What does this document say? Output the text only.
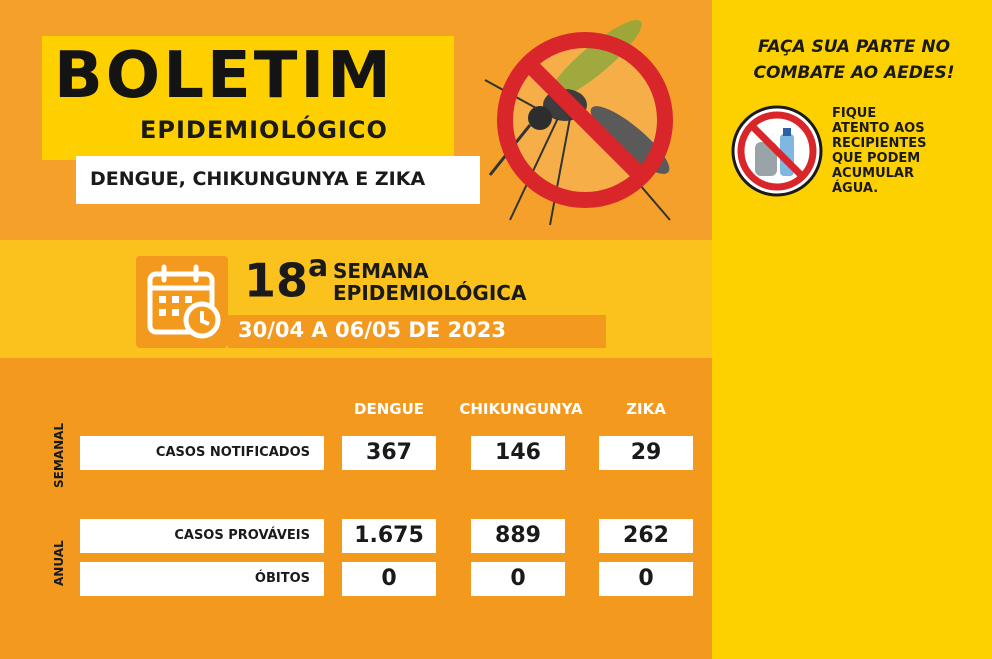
BOLETIM
EPIDEMIOLÓGICO
DENGUE, CHIKUNGUNYA E ZIKA
18$^a$ SEMANA
EPIDEMIOLÓGICA
30/04 A 06/05 DE 2023
DENGUE	CHIKUNGUNYA	ZIKA
SEMANAL
ANUAL
CASOS NOTIFICADOS	367	146	29
CASOS PROVÁVEIS	1.675	889	262
ÓBITOS	0	0	0
FAÇA SUA PARTE NO
COMBATE AO AEDES!
FIQUE
ATENTO AOS
RECIPIENTES
QUE PODEM
ACUMULAR
ÁGUA.
